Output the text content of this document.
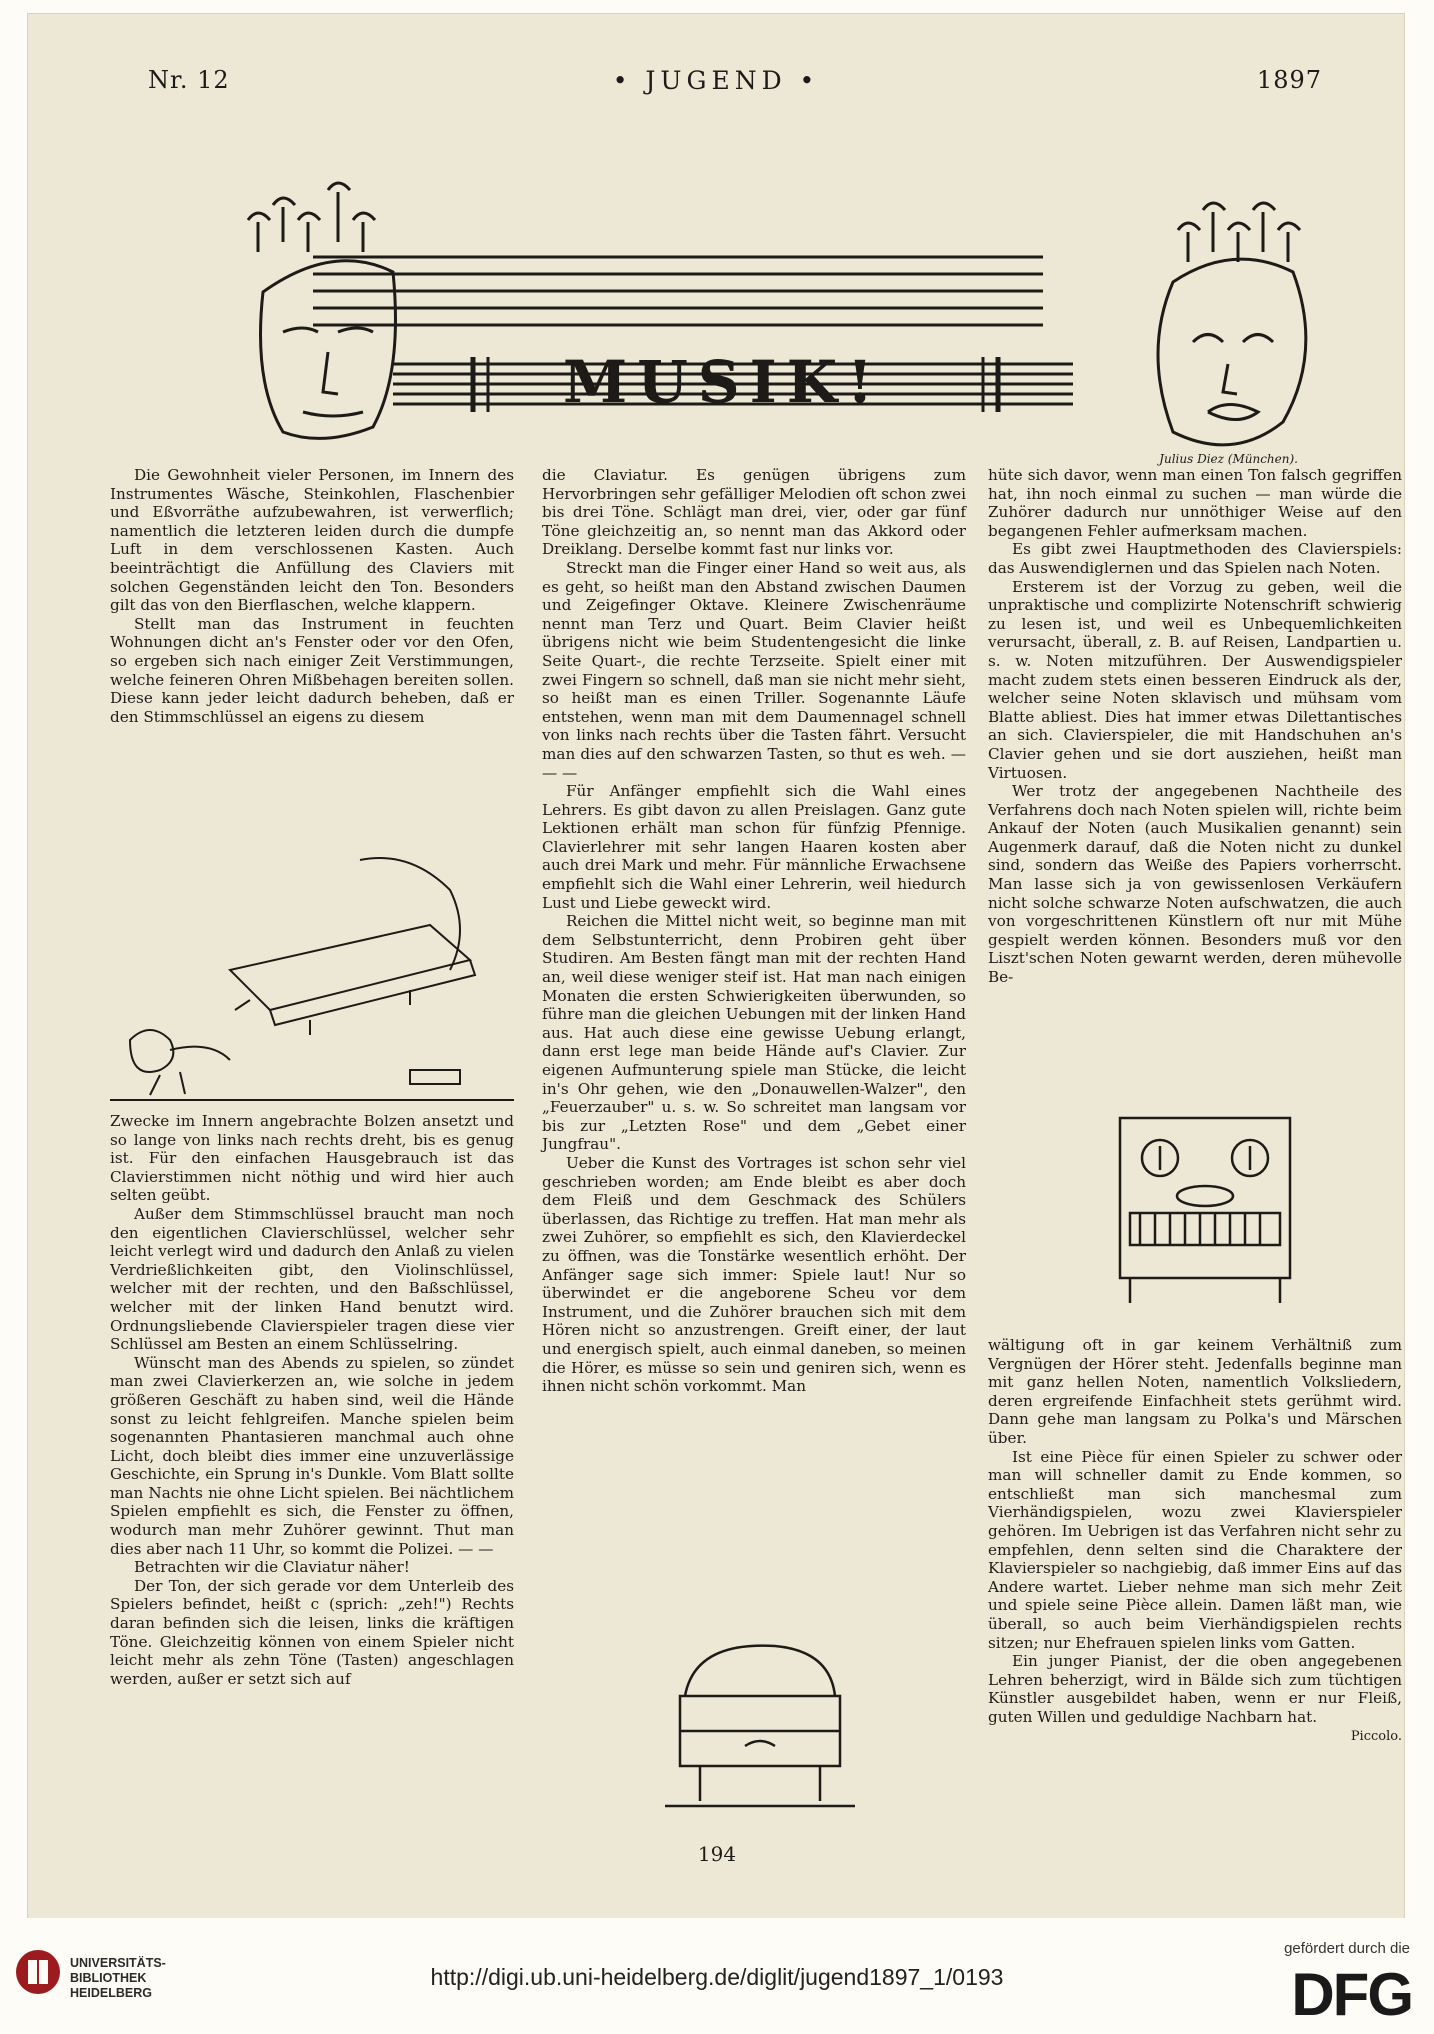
Nr. 12	• JUGEND •	1897
MUSIK!
Julius Diez (München).

Die Gewohnheit vieler Personen, im Innern des Instrumentes Wäsche, Steinkohlen, Flaschenbier und Eßvorräthe aufzubewahren, ist verwerflich; namentlich die letzteren leiden durch die dumpfe Luft in dem verschlossenen Kasten. Auch beeinträchtigt die Anfüllung des Claviers mit solchen Gegenständen leicht den Ton. Besonders gilt das von den Bierflaschen, welche klappern.

Stellt man das Instrument in feuchten Wohnungen dicht an's Fenster oder vor den Ofen, so ergeben sich nach einiger Zeit Verstimmungen, welche feineren Ohren Mißbehagen bereiten sollen. Diese kann jeder leicht dadurch beheben, daß er den Stimmschlüssel an eigens zu diesem

Zwecke im Innern angebrachte Bolzen ansetzt und so lange von links nach rechts dreht, bis es genug ist. Für den einfachen Hausgebrauch ist das Clavierstimmen nicht nöthig und wird hier auch selten geübt.

Außer dem Stimmschlüssel braucht man noch den eigentlichen Clavierschlüssel, welcher sehr leicht verlegt wird und dadurch den Anlaß zu vielen Verdrießlichkeiten gibt, den Violinschlüssel, welcher mit der rechten, und den Baßschlüssel, welcher mit der linken Hand benutzt wird. Ordnungsliebende Clavierspieler tragen diese vier Schlüssel am Besten an einem Schlüsselring.

Wünscht man des Abends zu spielen, so zündet man zwei Clavierkerzen an, wie solche in jedem größeren Geschäft zu haben sind, weil die Hände sonst zu leicht fehlgreifen. Manche spielen beim sogenannten Phantasieren manchmal auch ohne Licht, doch bleibt dies immer eine unzuverlässige Geschichte, ein Sprung in's Dunkle. Vom Blatt sollte man Nachts nie ohne Licht spielen. Bei nächtlichem Spielen empfiehlt es sich, die Fenster zu öffnen, wodurch man mehr Zuhörer gewinnt. Thut man dies aber nach 11 Uhr, so kommt die Polizei. — —

Betrachten wir die Claviatur näher!

Der Ton, der sich gerade vor dem Unterleib des Spielers befindet, heißt c (sprich: „zeh!") Rechts daran befinden sich die leisen, links die kräftigen Töne. Gleichzeitig können von einem Spieler nicht leicht mehr als zehn Töne (Tasten) angeschlagen werden, außer er setzt sich auf

die Claviatur. Es genügen übrigens zum Hervorbringen sehr gefälliger Melodien oft schon zwei bis drei Töne. Schlägt man drei, vier, oder gar fünf Töne gleichzeitig an, so nennt man das Akkord oder Dreiklang. Derselbe kommt fast nur links vor.

Streckt man die Finger einer Hand so weit aus, als es geht, so heißt man den Abstand zwischen Daumen und Zeigefinger Oktave. Kleinere Zwischenräume nennt man Terz und Quart. Beim Clavier heißt übrigens nicht wie beim Studentengesicht die linke Seite Quart-, die rechte Terzseite. Spielt einer mit zwei Fingern so schnell, daß man sie nicht mehr sieht, so heißt man es einen Triller. Sogenannte Läufe entstehen, wenn man mit dem Daumennagel schnell von links nach rechts über die Tasten fährt. Versucht man dies auf den schwarzen Tasten, so thut es weh. — — —

Für Anfänger empfiehlt sich die Wahl eines Lehrers. Es gibt davon zu allen Preislagen. Ganz gute Lektionen erhält man schon für fünfzig Pfennige. Clavierlehrer mit sehr langen Haaren kosten aber auch drei Mark und mehr. Für männliche Erwachsene empfiehlt sich die Wahl einer Lehrerin, weil hiedurch Lust und Liebe geweckt wird.

Reichen die Mittel nicht weit, so beginne man mit dem Selbstunterricht, denn Probiren geht über Studiren. Am Besten fängt man mit der rechten Hand an, weil diese weniger steif ist. Hat man nach einigen Monaten die ersten Schwierigkeiten überwunden, so führe man die gleichen Uebungen mit der linken Hand aus. Hat auch diese eine gewisse Uebung erlangt, dann erst lege man beide Hände auf's Clavier. Zur eigenen Aufmunterung spiele man Stücke, die leicht in's Ohr gehen, wie den „Donauwellen-Walzer", den „Feuerzauber" u. s. w. So schreitet man langsam vor bis zur „Letzten Rose" und dem „Gebet einer Jungfrau".

Ueber die Kunst des Vortrages ist schon sehr viel geschrieben worden; am Ende bleibt es aber doch dem Fleiß und dem Geschmack des Schülers überlassen, das Richtige zu treffen. Hat man mehr als zwei Zuhörer, so empfiehlt es sich, den Klavierdeckel zu öffnen, was die Tonstärke wesentlich erhöht. Der Anfänger sage sich immer: Spiele laut! Nur so überwindet er die angeborene Scheu vor dem Instrument, und die Zuhörer brauchen sich mit dem Hören nicht so anzustrengen. Greift einer, der laut und energisch spielt, auch einmal daneben, so meinen die Hörer, es müsse so sein und geniren sich, wenn es ihnen nicht schön vorkommt. Man

hüte sich davor, wenn man einen Ton falsch gegriffen hat, ihn noch einmal zu suchen — man würde die Zuhörer dadurch nur unnöthiger Weise auf den begangenen Fehler aufmerksam machen.

Es gibt zwei Hauptmethoden des Clavierspiels: das Auswendiglernen und das Spielen nach Noten.

Ersterem ist der Vorzug zu geben, weil die unpraktische und complizirte Notenschrift schwierig zu lesen ist, und weil es Unbequemlichkeiten verursacht, überall, z. B. auf Reisen, Landpartien u. s. w. Noten mitzuführen. Der Auswendigspieler macht zudem stets einen besseren Eindruck als der, welcher seine Noten sklavisch und mühsam vom Blatte abliest. Dies hat immer etwas Dilettantisches an sich. Clavierspieler, die mit Handschuhen an's Clavier gehen und sie dort ausziehen, heißt man Virtuosen.

Wer trotz der angegebenen Nachtheile des Verfahrens doch nach Noten spielen will, richte beim Ankauf der Noten (auch Musikalien genannt) sein Augenmerk darauf, daß die Noten nicht zu dunkel sind, sondern das Weiße des Papiers vorherrscht. Man lasse sich ja von gewissenlosen Verkäufern nicht solche schwarze Noten aufschwatzen, die auch von vorgeschrittenen Künstlern oft nur mit Mühe gespielt werden können. Besonders muß vor den Liszt'schen Noten gewarnt werden, deren mühevolle Be-

wältigung oft in gar keinem Verhältniß zum Vergnügen der Hörer steht. Jedenfalls beginne man mit ganz hellen Noten, namentlich Volksliedern, deren ergreifende Einfachheit stets gerühmt wird. Dann gehe man langsam zu Polka's und Märschen über.

Ist eine Pièce für einen Spieler zu schwer oder man will schneller damit zu Ende kommen, so entschließt man sich manchesmal zum Vierhändigspielen, wozu zwei Klavierspieler gehören. Im Uebrigen ist das Verfahren nicht sehr zu empfehlen, denn selten sind die Charaktere der Klavierspieler so nachgiebig, daß immer Eins auf das Andere wartet. Lieber nehme man sich mehr Zeit und spiele seine Pièce allein. Damen läßt man, wie überall, so auch beim Vierhändigspielen rechts sitzen; nur Ehefrauen spielen links vom Gatten.

Ein junger Pianist, der die oben angegebenen Lehren beherzigt, wird in Bälde sich zum tüchtigen Künstler ausgebildet haben, wenn er nur Fleiß, guten Willen und geduldige Nachbarn hat.

Piccolo.
194
UNIVERSITÄTS-
BIBLIOTHEK
HEIDELBERG
http://digi.ub.uni-heidelberg.de/diglit/jugend1897_1/0193
gefördert durch die
DFG
